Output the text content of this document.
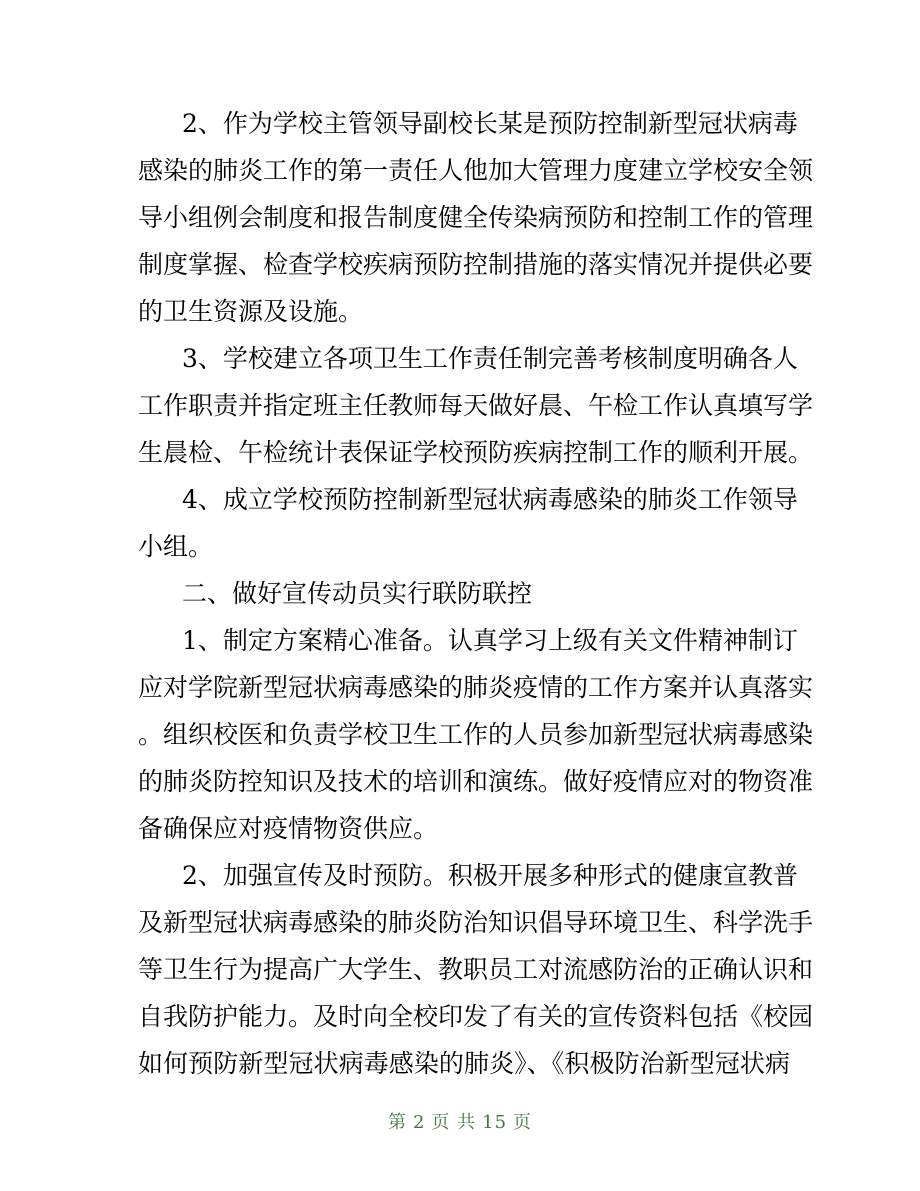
2、作为学校主管领导副校长某是预防控制新型冠状病毒
感染的肺炎工作的第一责任人他加大管理力度建立学校安全领
导小组例会制度和报告制度健全传染病预防和控制工作的管理
制度掌握、检查学校疾病预防控制措施的落实情况并提供必要
的卫生资源及设施。
3、学校建立各项卫生工作责任制完善考核制度明确各人
工作职责并指定班主任教师每天做好晨、午检工作认真填写学
生晨检、午检统计表保证学校预防疾病控制工作的顺利开展。
4、成立学校预防控制新型冠状病毒感染的肺炎工作领导
小组。
二、做好宣传动员实行联防联控
1、制定方案精心准备。认真学习上级有关文件精神制订
应对学院新型冠状病毒感染的肺炎疫情的工作方案并认真落实
。组织校医和负责学校卫生工作的人员参加新型冠状病毒感染
的肺炎防控知识及技术的培训和演练。做好疫情应对的物资准
备确保应对疫情物资供应。
2、加强宣传及时预防。积极开展多种形式的健康宣教普
及新型冠状病毒感染的肺炎防治知识倡导环境卫生、科学洗手
等卫生行为提高广大学生、教职员工对流感防治的正确认识和
自我防护能力。及时向全校印发了有关的宣传资料包括《校园
如何预防新型冠状病毒感染的肺炎》、《积极防治新型冠状病
第 2 页 共 15 页
